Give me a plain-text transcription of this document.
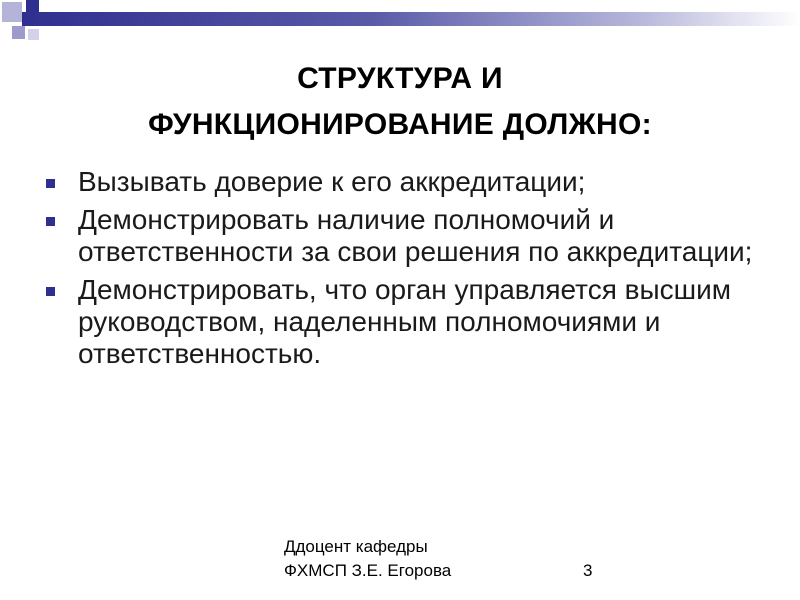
СТРУКТУРА И
ФУНКЦИОНИРОВАНИЕ ДОЛЖНО:
Вызывать доверие к его аккредитации;
Демонстрировать наличие полномочий и ответственности за свои решения по аккредитации;
Демонстрировать, что орган управляется высшим руководством, наделенным полномочиями и ответственностью.
Ддоцент кафедры
ФХМСП З.Е. Егорова	3
